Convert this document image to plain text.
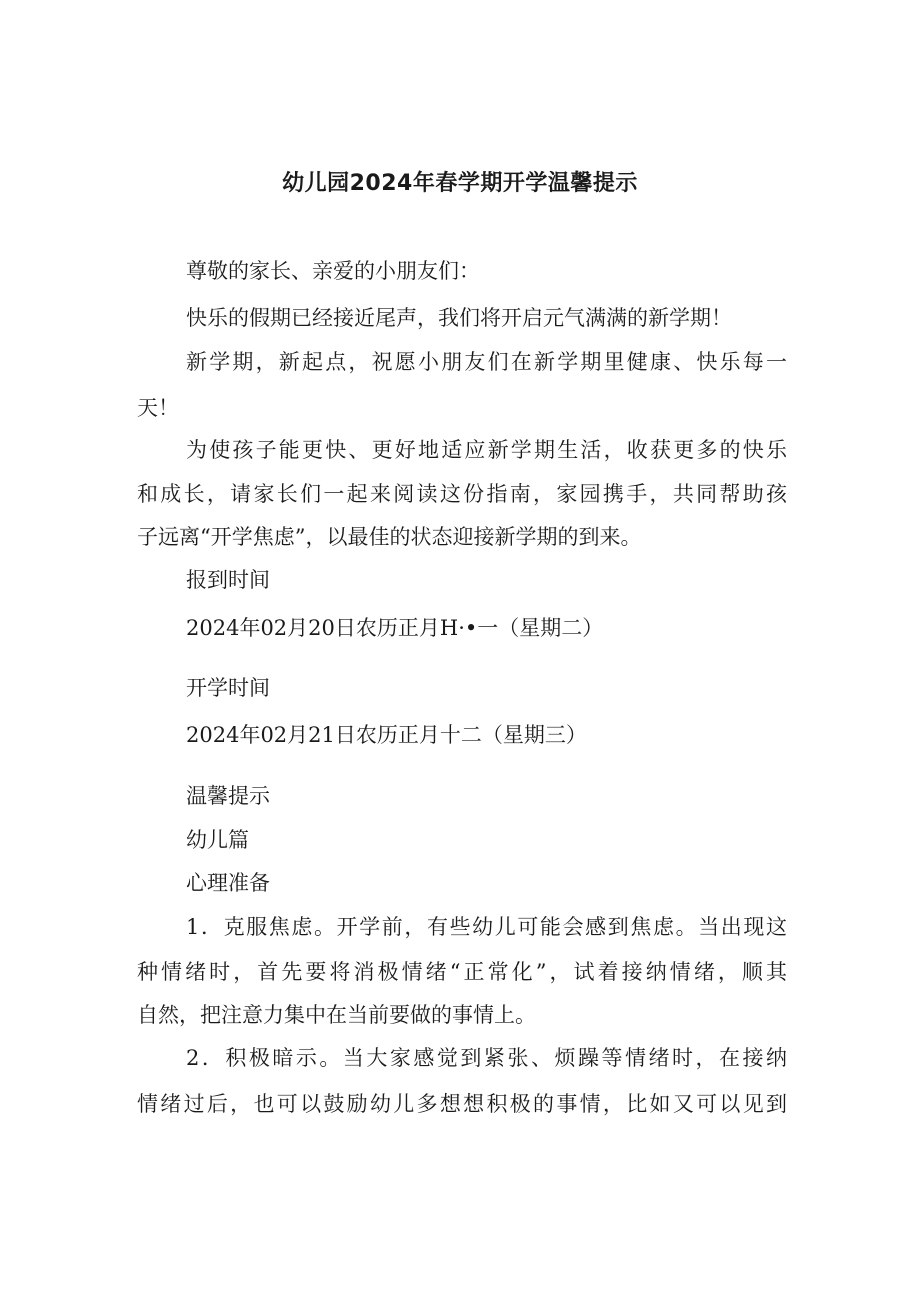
幼儿园2024年春学期开学温馨提示
尊敬的家长、亲爱的小朋友们：
快乐的假期已经接近尾声，我们将开启元气满满的新学期！
新学期，新起点，祝愿小朋友们在新学期里健康、快乐每一
天！
为使孩子能更快、更好地适应新学期生活，收获更多的快乐
和成长，请家长们一起来阅读这份指南，家园携手，共同帮助孩
子远离“开学焦虑”，以最佳的状态迎接新学期的到来。
报到时间
2024年02月20日农历正月H·•一（星期二）
开学时间
2024年02月21日农历正月十二（星期三）
温馨提示
幼儿篇
心理准备
1．克服焦虑。开学前，有些幼儿可能会感到焦虑。当出现这
种情绪时，首先要将消极情绪“正常化”，试着接纳情绪，顺其
自然，把注意力集中在当前要做的事情上。
2．积极暗示。当大家感觉到紧张、烦躁等情绪时，在接纳
情绪过后，也可以鼓励幼儿多想想积极的事情，比如又可以见到
